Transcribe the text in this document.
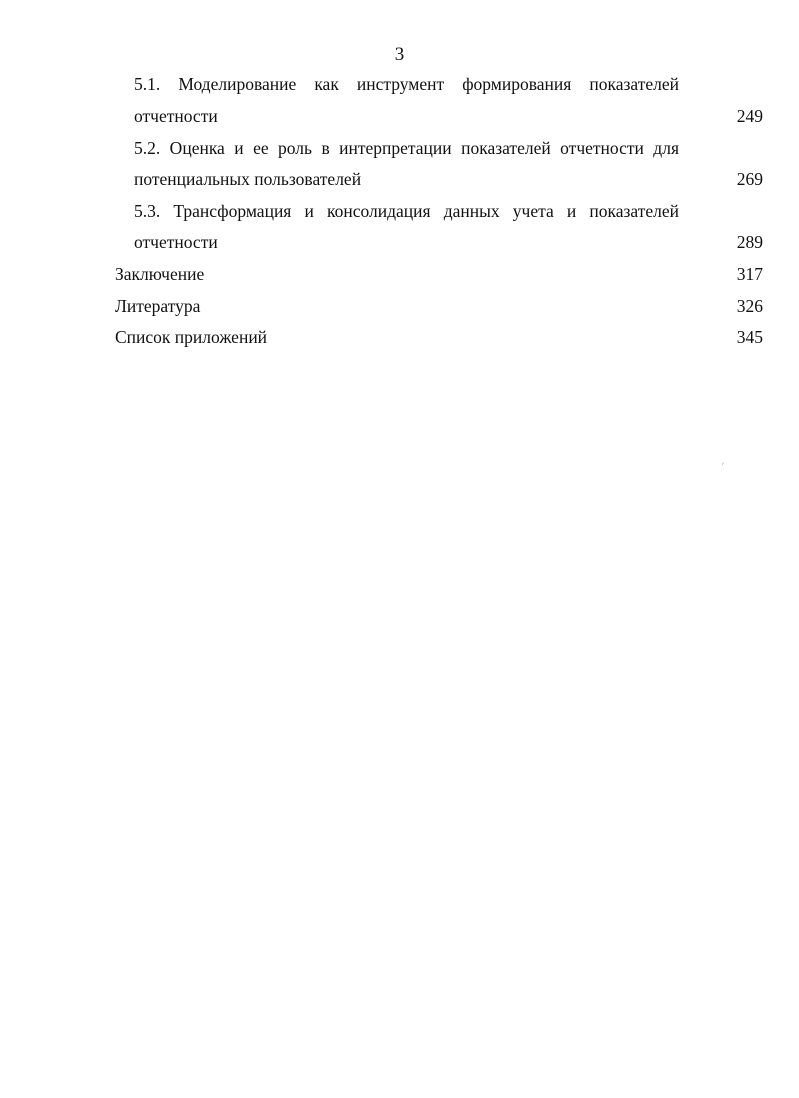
3
5.1. Моделирование как инструмент формирования показателей
отчетности	249
5.2. Оценка и ее роль в интерпретации показателей отчетности для
потенциальных пользователей	269
5.3. Трансформация и консолидация данных учета и показателей
отчетности	289
Заключение	317
Литература	326
Список приложений	345
ʹ
